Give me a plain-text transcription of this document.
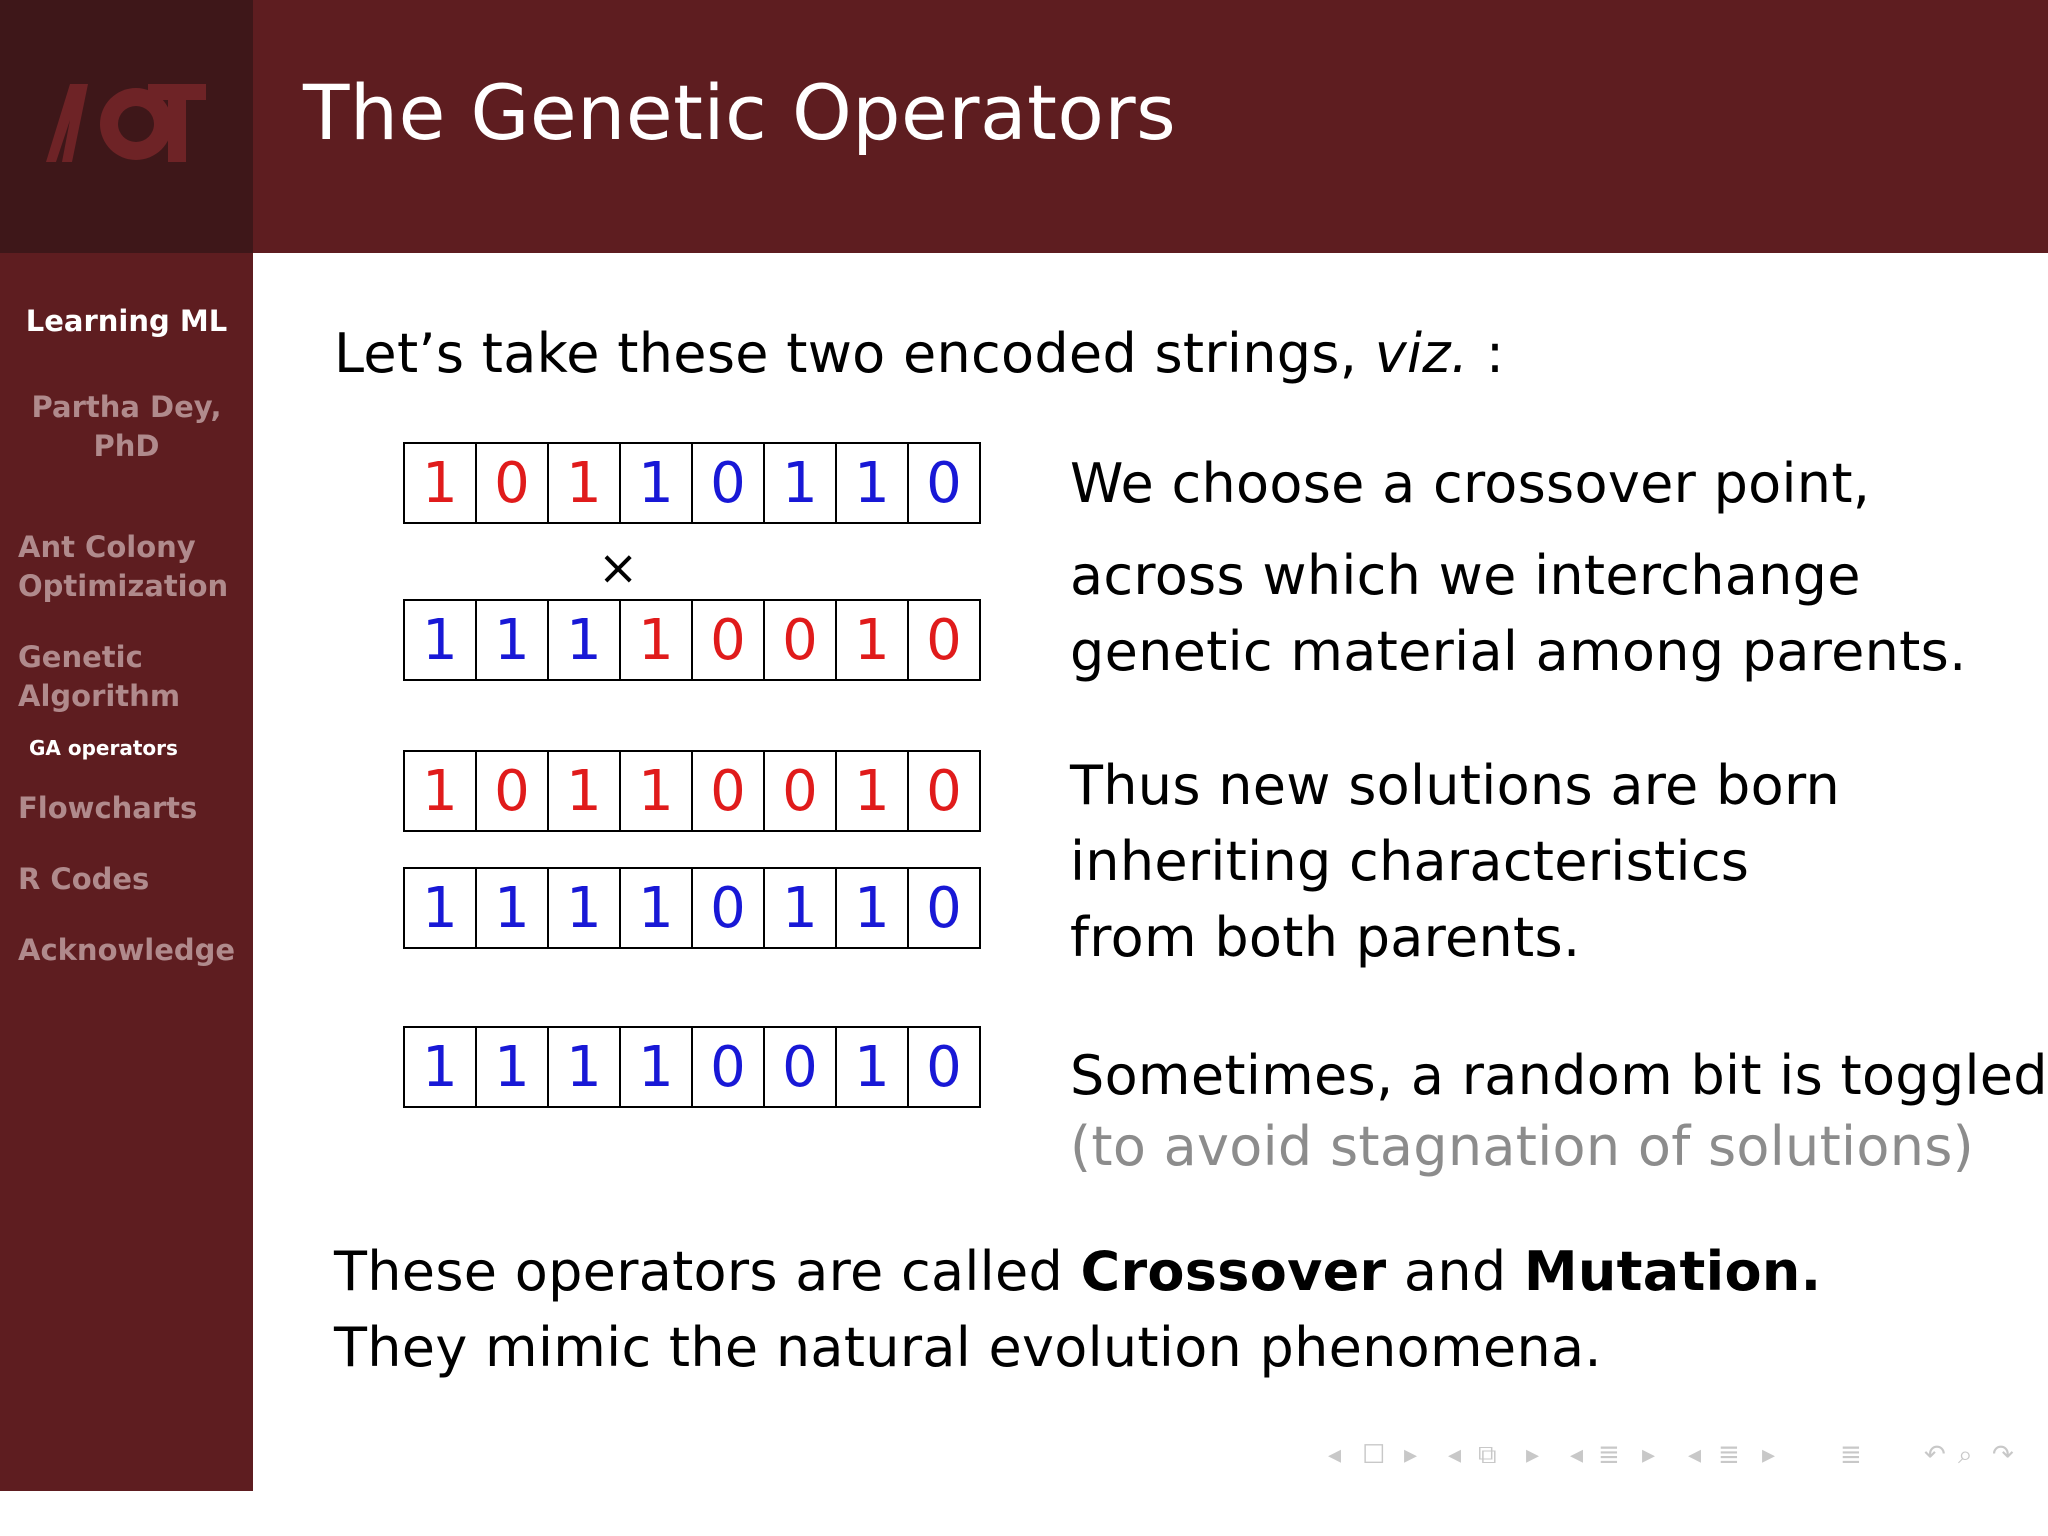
The Genetic Operators
Learning ML
Partha Dey,
PhD
Ant Colony
Optimization
Genetic
Algorithm
GA operators
Flowcharts
R Codes
Acknowledge
Let’s take these two encoded strings, viz. :
1 0 1 1 0 1 1 0
×
1 1 1 1 0 0 1 0
1 0 1 1 0 0 1 0
1 1 1 1 0 1 1 0
1 1 1 1 0 0 1 0
We choose a crossover point,
across which we interchange
genetic material among parents.
Thus new solutions are born
inheriting characteristics
from both parents.
Sometimes, a random bit is toggled
(to avoid stagnation of solutions)
These operators are called Crossover and Mutation.
They mimic the natural evolution phenomena.
◂ ☐ ▸ ◂ ⧉ ▸ ◂ ≣ ▸ ◂ ≣ ▸ ≣ ↶ ⌕ ↷
